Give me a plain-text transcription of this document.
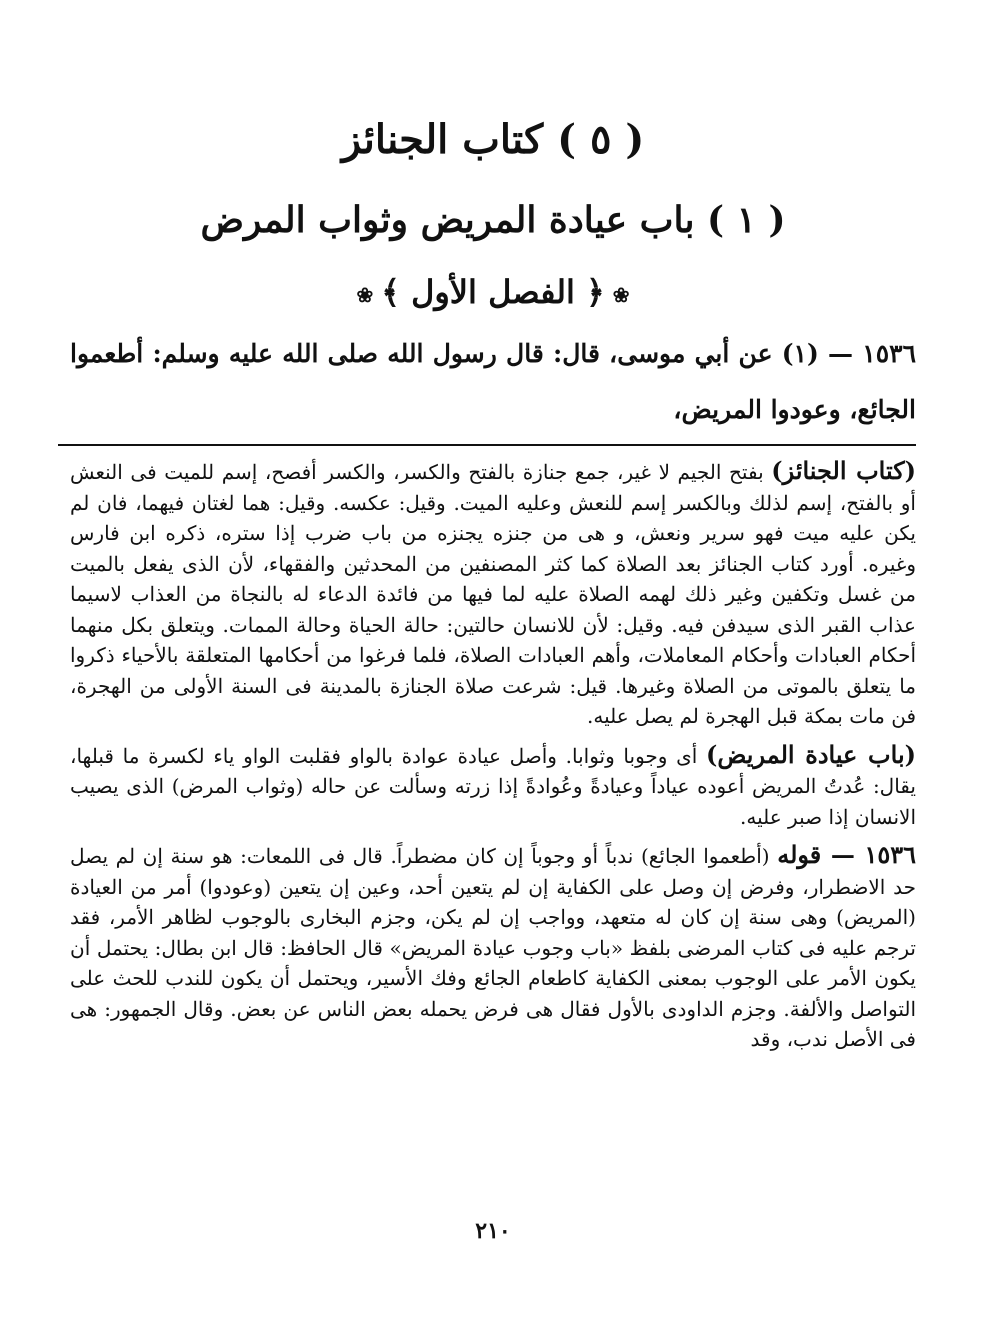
( ٥ ) كتاب الجنائز
( ١ ) باب عيادة المريض وثواب المرض
❀﴿ الفصل الأول ﴾❀
١٥٣٦ — (١) عن أبي موسى، قال: قال رسول الله صلى الله عليه وسلم: أطعموا الجائع، وعودوا المريض،

(كتاب الجنائز) بفتح الجيم لا غير، جمع جنازة بالفتح والكسر، والكسر أفصح، إسم للميت فى النعش أو بالفتح، إسم لذلك وبالكسر إسم للنعش وعليه الميت. وقيل: عكسه. وقيل: هما لغتان فيهما، فان لم يكن عليه ميت فهو سرير ونعش، و هى من جنزه يجنزه من باب ضرب إذا ستره، ذكره ابن فارس وغيره. أورد كتاب الجنائز بعد الصلاة كما كثر المصنفين من المحدثين والفقهاء، لأن الذى يفعل بالميت من غسل وتكفين وغير ذلك لهمه الصلاة عليه لما فيها من فائدة الدعاء له بالنجاة من العذاب لاسيما عذاب القبر الذى سيدفن فيه. وقيل: لأن للانسان حالتين: حالة الحياة وحالة الممات. ويتعلق بكل منهما أحكام العبادات وأحكام المعاملات، وأهم العبادات الصلاة، فلما فرغوا من أحكامها المتعلقة بالأحياء ذكروا ما يتعلق بالموتى من الصلاة وغيرها. قيل: شرعت صلاة الجنازة بالمدينة فى السنة الأولى من الهجرة، فن مات بمكة قبل الهجرة لم يصل عليه.

(باب عيادة المريض) أى وجوبا وثوابا. وأصل عيادة عوادة بالواو فقلبت الواو ياء لكسرة ما قبلها، يقال: عُدتُ المريض أعوده عياداً وعيادةً وعُوادةً إذا زرته وسألت عن حاله (وثواب المرض) الذى يصيب الانسان إذا صبر عليه.

١٥٣٦ — قوله (أطعموا الجائع) ندباً أو وجوباً إن كان مضطراً. قال فى اللمعات: هو سنة إن لم يصل حد الاضطرار، وفرض إن وصل على الكفاية إن لم يتعين أحد، وعين إن يتعين (وعودوا) أمر من العيادة (المريض) وهى سنة إن كان له متعهد، وواجب إن لم يكن، وجزم البخارى بالوجوب لظاهر الأمر، فقد ترجم عليه فى كتاب المرضى بلفظ «باب وجوب عيادة المريض» قال الحافظ: قال ابن بطال: يحتمل أن يكون الأمر على الوجوب بمعنى الكفاية كاطعام الجائع وفك الأسير، ويحتمل أن يكون للندب للحث على التواصل والألفة. وجزم الداودى بالأول فقال هى فرض يحمله بعض الناس عن بعض. وقال الجمهور: هى فى الأصل ندب، وقد

٢١٠
